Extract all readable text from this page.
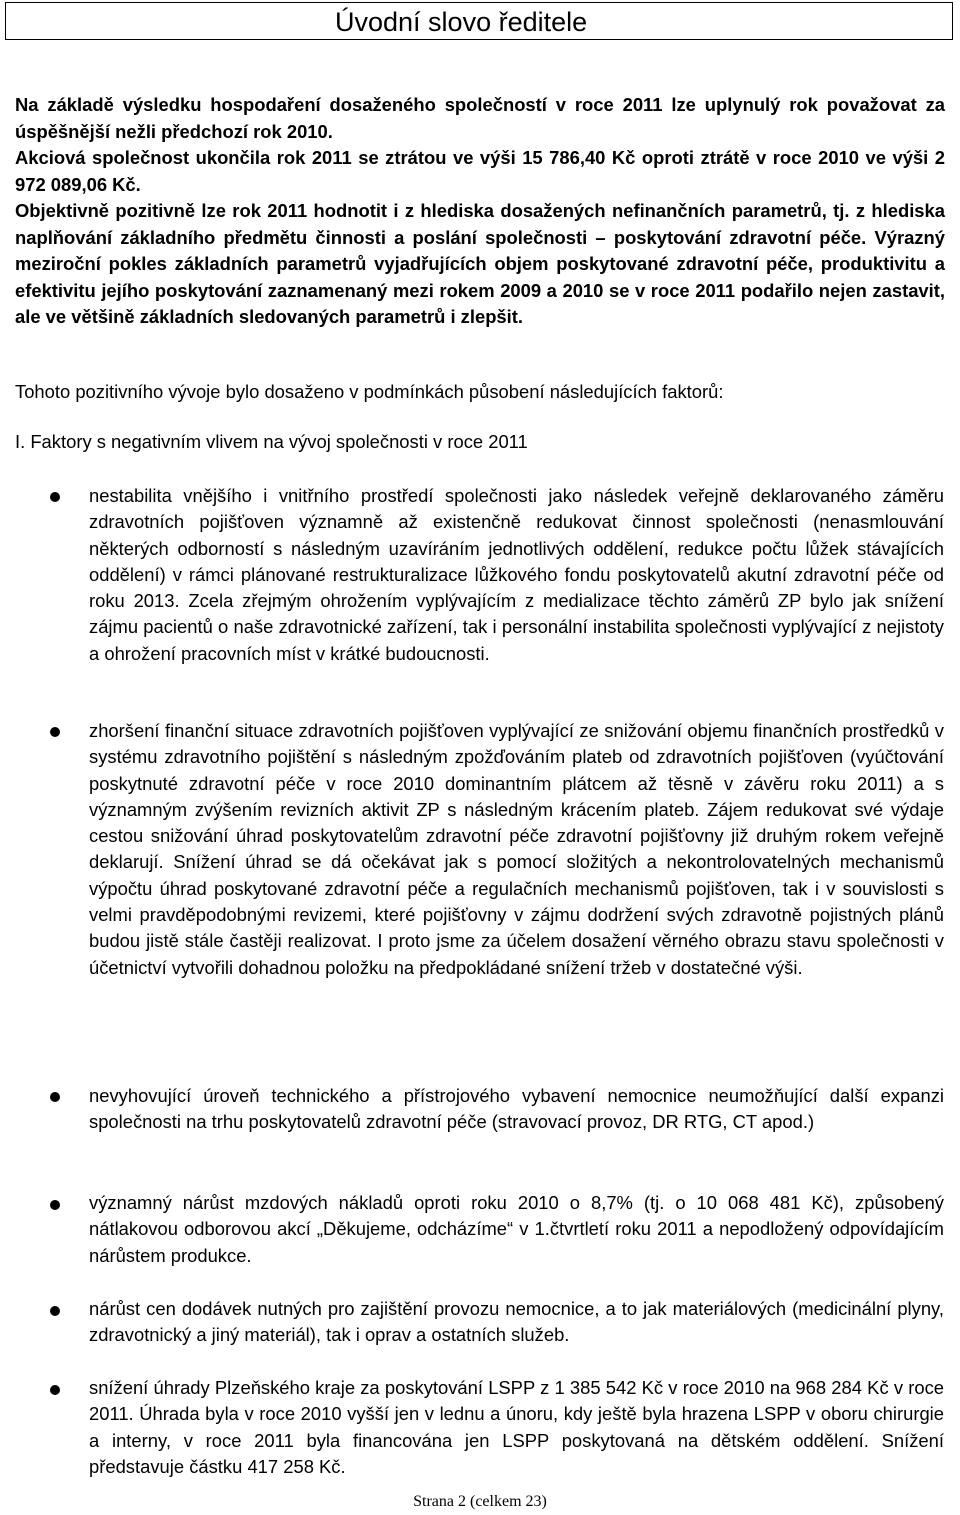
Úvodní slovo ředitele

Na základě výsledku hospodaření dosaženého společností v roce 2011 lze uplynulý rok považovat za úspěšnější nežli předchozí rok 2010.
Akciová společnost ukončila rok 2011 se ztrátou ve výši 15 786,40 Kč oproti ztrátě v roce 2010 ve výši 2 972 089,06 Kč.
Objektivně pozitivně lze rok 2011 hodnotit i z hlediska dosažených nefinančních parametrů, tj. z hlediska naplňování základního předmětu činnosti a poslání společnosti – poskytování zdravotní péče. Výrazný meziroční pokles základních parametrů vyjadřujících objem poskytované zdravotní péče, produktivitu a efektivitu jejího poskytování zaznamenaný mezi rokem 2009 a 2010 se v roce 2011 podařilo nejen zastavit, ale ve většině základních sledovaných parametrů i zlepšit.

Tohoto pozitivního vývoje bylo dosaženo v podmínkách působení následujících faktorů:

I. Faktory s negativním vlivem na vývoj společnosti v roce 2011

nestabilita vnějšího i vnitřního prostředí společnosti jako následek veřejně deklarovaného záměru zdravotních pojišťoven významně až existenčně redukovat činnost společnosti (nenasmlouvání některých odborností s následným uzavíráním jednotlivých oddělení, redukce počtu lůžek stávajících oddělení) v rámci plánované restrukturalizace lůžkového fondu poskytovatelů akutní zdravotní péče od roku 2013. Zcela zřejmým ohrožením vyplývajícím z medializace těchto záměrů ZP bylo jak snížení zájmu pacientů o naše zdravotnické zařízení, tak i personální instabilita společnosti vyplývající z nejistoty a ohrožení pracovních míst v krátké budoucnosti.

zhoršení finanční situace zdravotních pojišťoven vyplývající ze snižování objemu finančních prostředků v systému zdravotního pojištění s následným zpožďováním plateb od zdravotních pojišťoven (vyúčtování poskytnuté zdravotní péče v roce 2010 dominantním plátcem až těsně v závěru roku 2011) a s významným zvýšením revizních aktivit ZP s následným krácením plateb. Zájem redukovat své výdaje cestou snižování úhrad poskytovatelům zdravotní péče zdravotní pojišťovny již druhým rokem veřejně deklarují. Snížení úhrad se dá očekávat jak s pomocí složitých a nekontrolovatelných mechanismů výpočtu úhrad poskytované zdravotní péče a regulačních mechanismů pojišťoven, tak i v souvislosti s velmi pravděpodobnými revizemi, které pojišťovny v zájmu dodržení svých zdravotně pojistných plánů budou jistě stále častěji realizovat. I proto jsme za účelem dosažení věrného obrazu stavu společnosti v účetnictví vytvořili dohadnou položku na předpokládané snížení tržeb v dostatečné výši.

nevyhovující úroveň technického a přístrojového vybavení nemocnice neumožňující další expanzi společnosti na trhu poskytovatelů zdravotní péče (stravovací provoz, DR RTG, CT apod.)

významný nárůst mzdových nákladů oproti roku 2010 o 8,7% (tj. o 10 068 481 Kč), způsobený nátlakovou odborovou akcí „Děkujeme, odcházíme“ v 1.čtvrtletí roku 2011 a nepodložený odpovídajícím nárůstem produkce.

nárůst cen dodávek nutných pro zajištění provozu nemocnice, a to jak materiálových (medicinální plyny, zdravotnický a jiný materiál), tak i oprav a ostatních služeb.

snížení úhrady Plzeňského kraje za poskytování LSPP z 1 385 542 Kč v roce 2010 na 968 284 Kč v roce 2011. Úhrada byla v roce 2010 vyšší jen v lednu a únoru, kdy ještě byla hrazena LSPP v oboru chirurgie a interny, v roce 2011 byla financována jen LSPP poskytovaná na dětském oddělení. Snížení představuje částku 417 258 Kč.

Strana 2 (celkem 23)
